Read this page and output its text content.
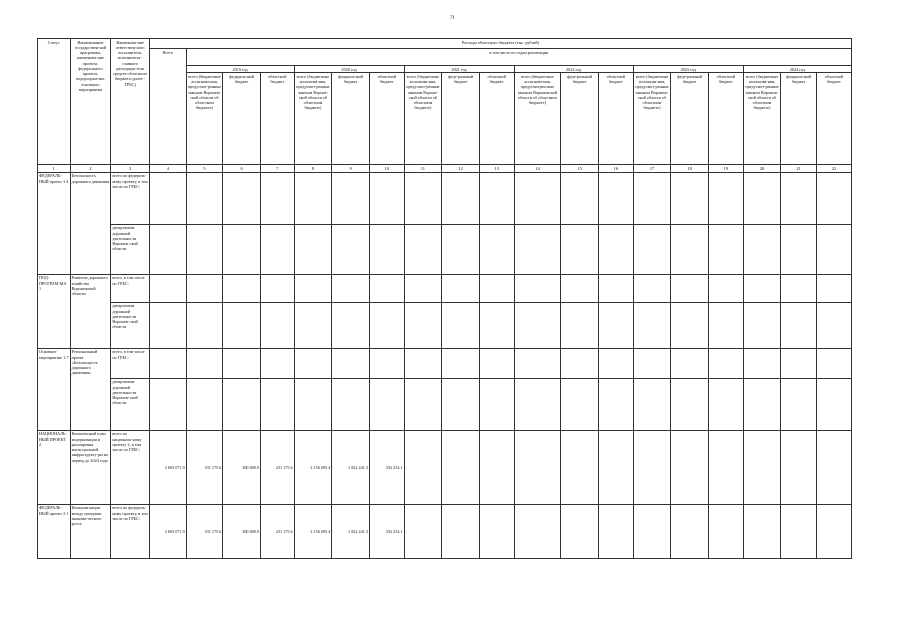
71
Статус	Наименование государствен-ной программы, наименова-ние проекта, федерального проекта, подпрограм-мы, основного мероприятия	Наименова-ние ответствен-ного исполнителя, исполнителя - главного распоряди-теля средств областного бюджета (далее - ГРБС)	Расходы областного бюджета (тыс. рублей)																		
			Всего	в том числе по годам реализации																	
				2019 год			2020 год			2021 год			2022 год			2023 год			2024 год		
				всего (бюджетные ассигнова-ния, предусмот-ренные законом Воронеж-ской области об областном бюджете)	федераль-ный бюджет	областной бюджет	всего (бюджетные ассигнова-ния, предусмот-ренные законом Вороне-ской области об областном бюджете)	федераль-ный бюджет	областной бюджет	всего (бюджетные ассигнова-ния, предусмот-ренные законом Вороне-ской области об областном бюджете)	феде-ральный бюджет	областной бюджет	всего (бюджетные ассигнова-ния, предусмотрен-ные законом Воронежской области об областном бюджете)	феде-ральный бюджет	областной бюджет	всего (бюджетные ассигнова-ния, предусмот-ренные законом Воронеж-ской области об областном бюджете)	феде-ральный бюджет	областной бюджет	всего (бюджетные ассигнова-ния, предусмот-ренные законом Воронеж-ской области об областном бюджете)	федераль-ный бюджет	областной бюджет
1	2	3	4	5	6	7	8	9	10	11	12	13	14	15	16	17	18	19	20	21	22
ФЕДЕРАЛЬ-НЫЙ проект 1.4	Безопасность дорожного движения	всего по федераль-ному проекту, в том числе по ГРБС:																			
		департамент дорожной деятельности Воронеж-ской области																			
ПОД-ПРОГРАМ-МА 1	Развитие дорожного хозяйства Воронежской области	всего, в том числе по ГРБС:																			
		департамент дорожной деятельности Воронеж-ской области																			
Основное мероприятие 1.7	Региональный проект «Безопасность дорожного движения»	всего, в том числе по ГРБС:																			
		департамент дорожной деятельности Воронеж-ской области																			
НАЦИОНАЛЬ-НЫЙ ПРОЕКТ 2	Комплексный план модернизации и расширения магистральной инфраструкту-ры на период до 2024 года	всего по националь-ному проекту 2, в том числе по ГРБС:	2 605 071.0	531 175.6	300 000.0	231 175.6	2 156 695.4	1 822 441.3	332 254.1												
ФЕДЕРАЛЬ-НЫЙ проект 2.1	Коммуни-кации между центрами экономи-ческого роста	всего по федераль-ному проекту, в том числе по ГРБС:	2 605 071.0	531 175.6	300 000.0	231 175.6	2 156 695.4	1 822 441.3	332 254.1												
